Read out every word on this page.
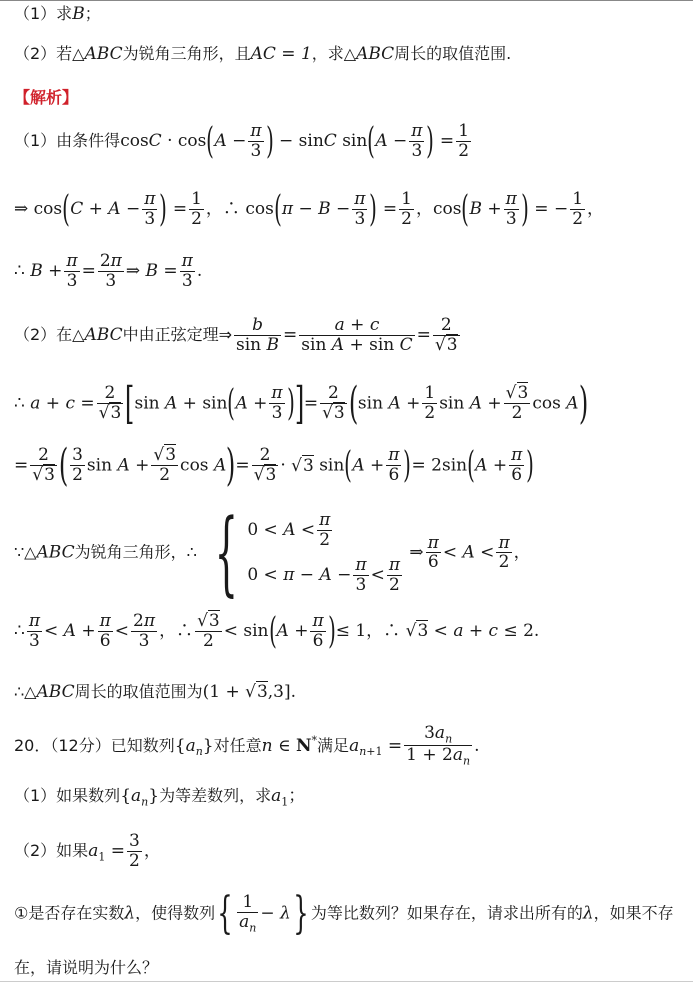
（1）求B；
（2）若△ABC为锐角三角形，且AC = 1，求△ABC周长的取值范围.
【解析】
（1）由条件得$\cos C \cdot \cos(A - \frac{\pi}{3}$ ) − sinC $\sin(A - \frac{\pi}{3}$ ) = $\frac{1}{2}$
⇒ $\cos(C + A - \frac{\pi}{3}$ ) = $\frac{1}{2}$ ，∴ $\cos(\pi - B - \frac{\pi}{3}$ ) = $\frac{1}{2}$ ，$\cos(B + \frac{\pi}{3}$ ) = − $\frac{1}{2}$ ，
∴ $B + \frac{\pi}{3} = \frac{2\pi}{3}$ ⇒ $B = \frac{\pi}{3}$ .
（2）在△ABC中由正弦定理⇒ $\frac{b}{\text{sin B}} = \frac{a + c}{\text{sin A + sin C}} = \frac{2}{√3}$
∴ $a + c = \frac{2}{√3} [\sin$ $A + \sin(A + \frac{\pi}{3}$ )]= $\frac{2}{√3} (\sin$ $A + \frac{1}{2}$ $\sin A + \frac{√3}{2}$ cos A)
= $\frac{2}{√3}$ ( $\frac{3}{2}$ $\sin A + \frac{√3}{2}$ $\cos A)= \frac{2}{√3} \cdot √3$ $\sin(A + \frac{\pi}{6}$ )= $2\sin(A + \frac{\pi}{6}$ )
∵△ABC为锐角三角形，∴ { $0 < A < \frac{\pi}{2}$
$0 < \pi - A - \frac{\pi}{3} < \frac{\pi}{2}$
⇒ $\frac{\pi}{6} < A < \frac{\pi}{2}$ ，
∴ $\frac{\pi}{3} < A + \frac{\pi}{6} < \frac{2\pi}{3}$ ，∴ $\frac{√3}{2} < \sin(A + \frac{\pi}{6}$ )≤ 1，∴ √3 < a + c ≤ 2.
∴△ABC周长的取值范围为(1 + √3,3].
20．（12分）已知数列$\{a_n\}$对任意n ∈ N*满足$a_{n+1} = \frac{3a_n}{1 + 2a_n}$ .
（1）如果数列$\{a_n\}$为等差数列，求$a_1$；
（2）如果$a_1 = \frac{3}{2}$ ，
①是否存在实数λ，使得数列{ $\frac{1}{a_n} - \lambda$} 为等比数列？如果存在，请求出所有的λ，如果不存
在，请说明为什么？
